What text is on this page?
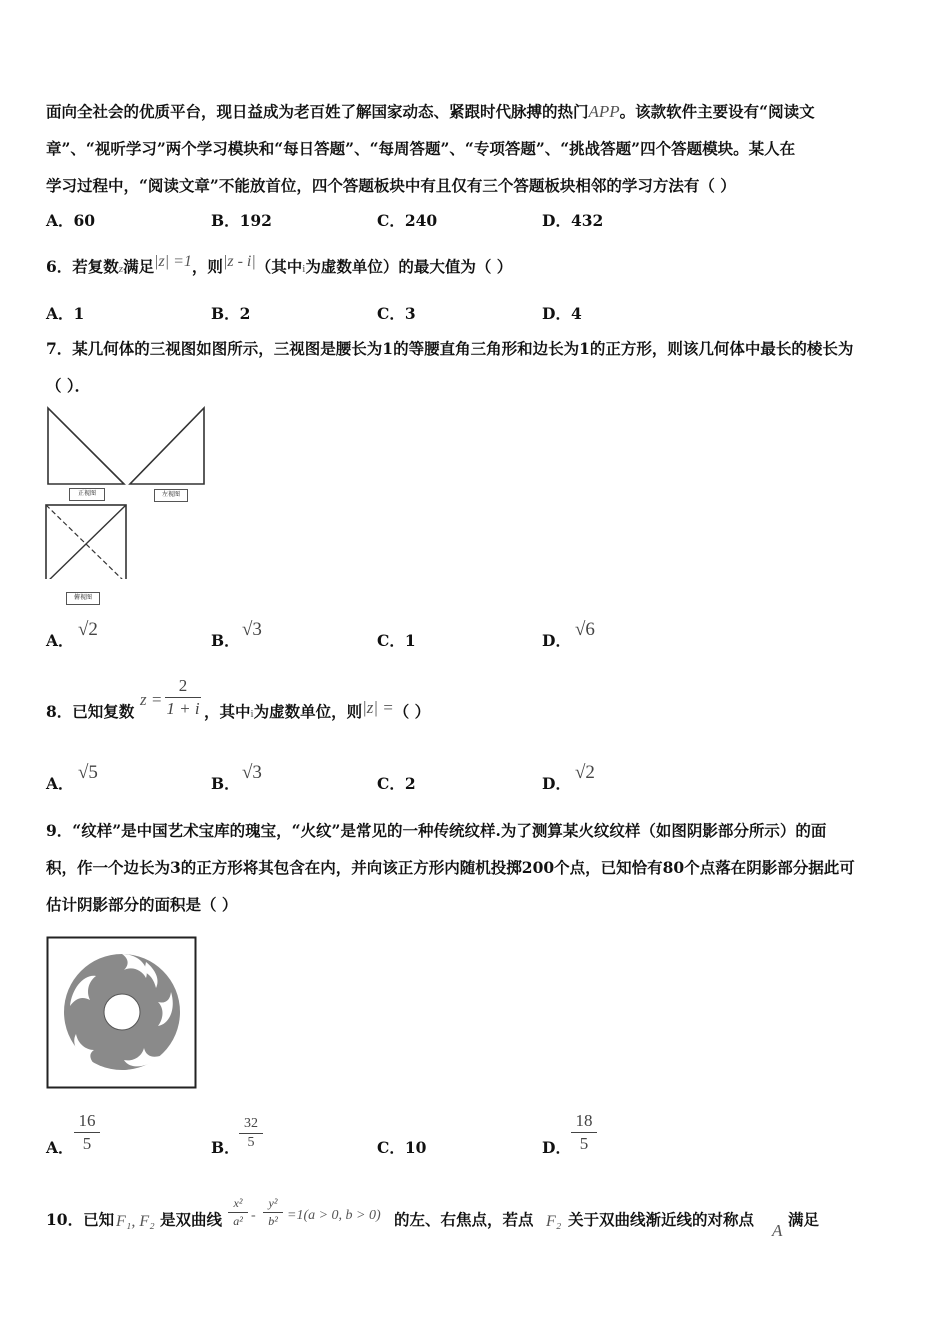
面向全社会的优质平台，现日益成为老百姓了解国家动态、紧跟时代脉搏的热门APP。该款软件主要设有“阅读文
章”、“视听学习”两个学习模块和“每日答题”、“每周答题”、“专项答题”、“挑战答题”四个答题模块。某人在
学习过程中，“阅读文章”不能放首位，四个答题板块中有且仅有三个答题板块相邻的学习方法有（ ）
A．60	B．192	C．240	D．432
6．若复数z满足|z| =1，则|z - i|（其中i为虚数单位）的最大值为（ ）
A．1	B．2	C．3	D．4
7．某几何体的三视图如图所示，三视图是腰长为1的等腰直角三角形和边长为1的正方形，则该几何体中最长的棱长为
（ ）．
正视图	左视图
俯视图
A．
√2
B．
√3
C．1	D．
√6
8．已知复数
z =
2
1 + i ，其中i为虚数单位，则|z| =（ ）
A．
√5
B．
√3
C．2	D．
√2
9．“纹样”是中国艺术宝库的瑰宝，“火纹”是常见的一种传统纹样.为了测算某火纹纹样（如图阴影部分所示）的面
积，作一个边长为3的正方形将其包含在内，并向该正方形内随机投掷200个点，已知恰有80个点落在阴影部分据此可
估计阴影部分的面积是（ ）
A．
16
5	B．
32
5	C．10	D．
18
5
10．已知 F₁, F₂ 是双曲线
x²
a² -
y²
b² =1(a > 0, b > 0) 的左、右焦点，若点 F₂ 关于双曲线渐近线的对称点
A
满足
